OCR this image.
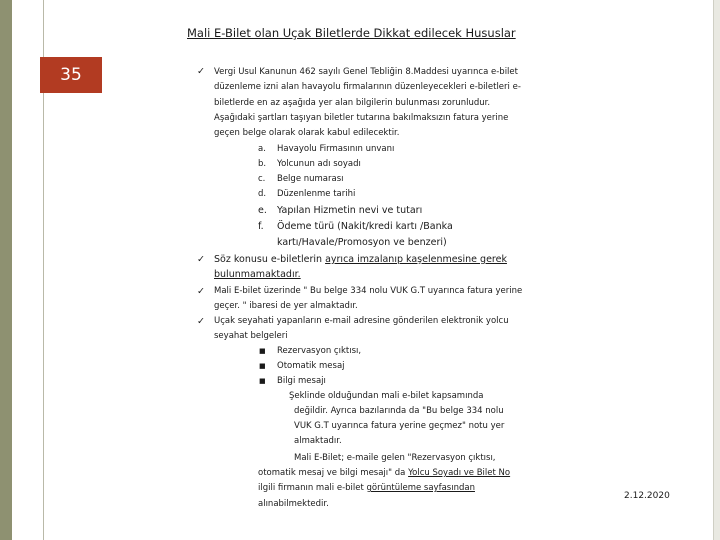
35
Mali E-Bilet olan Uçak Biletlerde Dikkat edilecek Hususlar
✓ Vergi Usul Kanunun 462 sayılı Genel Tebliğin 8.Maddesi uyarınca e-bilet
düzenleme izni alan havayolu firmalarının düzenleyecekleri e-biletleri e-
biletlerde en az aşağıda yer alan bilgilerin bulunması zorunludur.
Aşağıdaki şartları taşıyan biletler tutarına bakılmaksızın fatura yerine
geçen belge olarak olarak kabul edilecektir.
a. Havayolu Firmasının unvanı
b. Yolcunun adı soyadı
c. Belge numarası
d. Düzenlenme tarihi
e. Yapılan Hizmetin nevi ve tutarı
f. Ödeme türü (Nakit/kredi kartı /Banka
kartı/Havale/Promosyon ve benzeri)
✓ Söz konusu e-biletlerin ayrıca imzalanıp kaşelenmesine gerek
bulunmamaktadır.
✓ Mali E-bilet üzerinde " Bu belge 334 nolu VUK G.T uyarınca fatura yerine
geçer. " ibaresi de yer almaktadır.
✓ Uçak seyahati yapanların e-mail adresine gönderilen elektronik yolcu
seyahat belgeleri
■ Rezervasyon çıktısı,
■ Otomatik mesaj
■ Bilgi mesajı
Şeklinde olduğundan mali e-bilet kapsamında
değildir. Ayrıca bazılarında da "Bu belge 334 nolu
VUK G.T uyarınca fatura yerine geçmez" notu yer
almaktadır.
Mali E-Bilet; e-maile gelen "Rezervasyon çıktısı,
otomatik mesaj ve bilgi mesajı" da Yolcu Soyadı ve Bilet No
ilgili firmanın mali e-bilet görüntüleme sayfasından
alınabilmektedir.
2.12.2020
